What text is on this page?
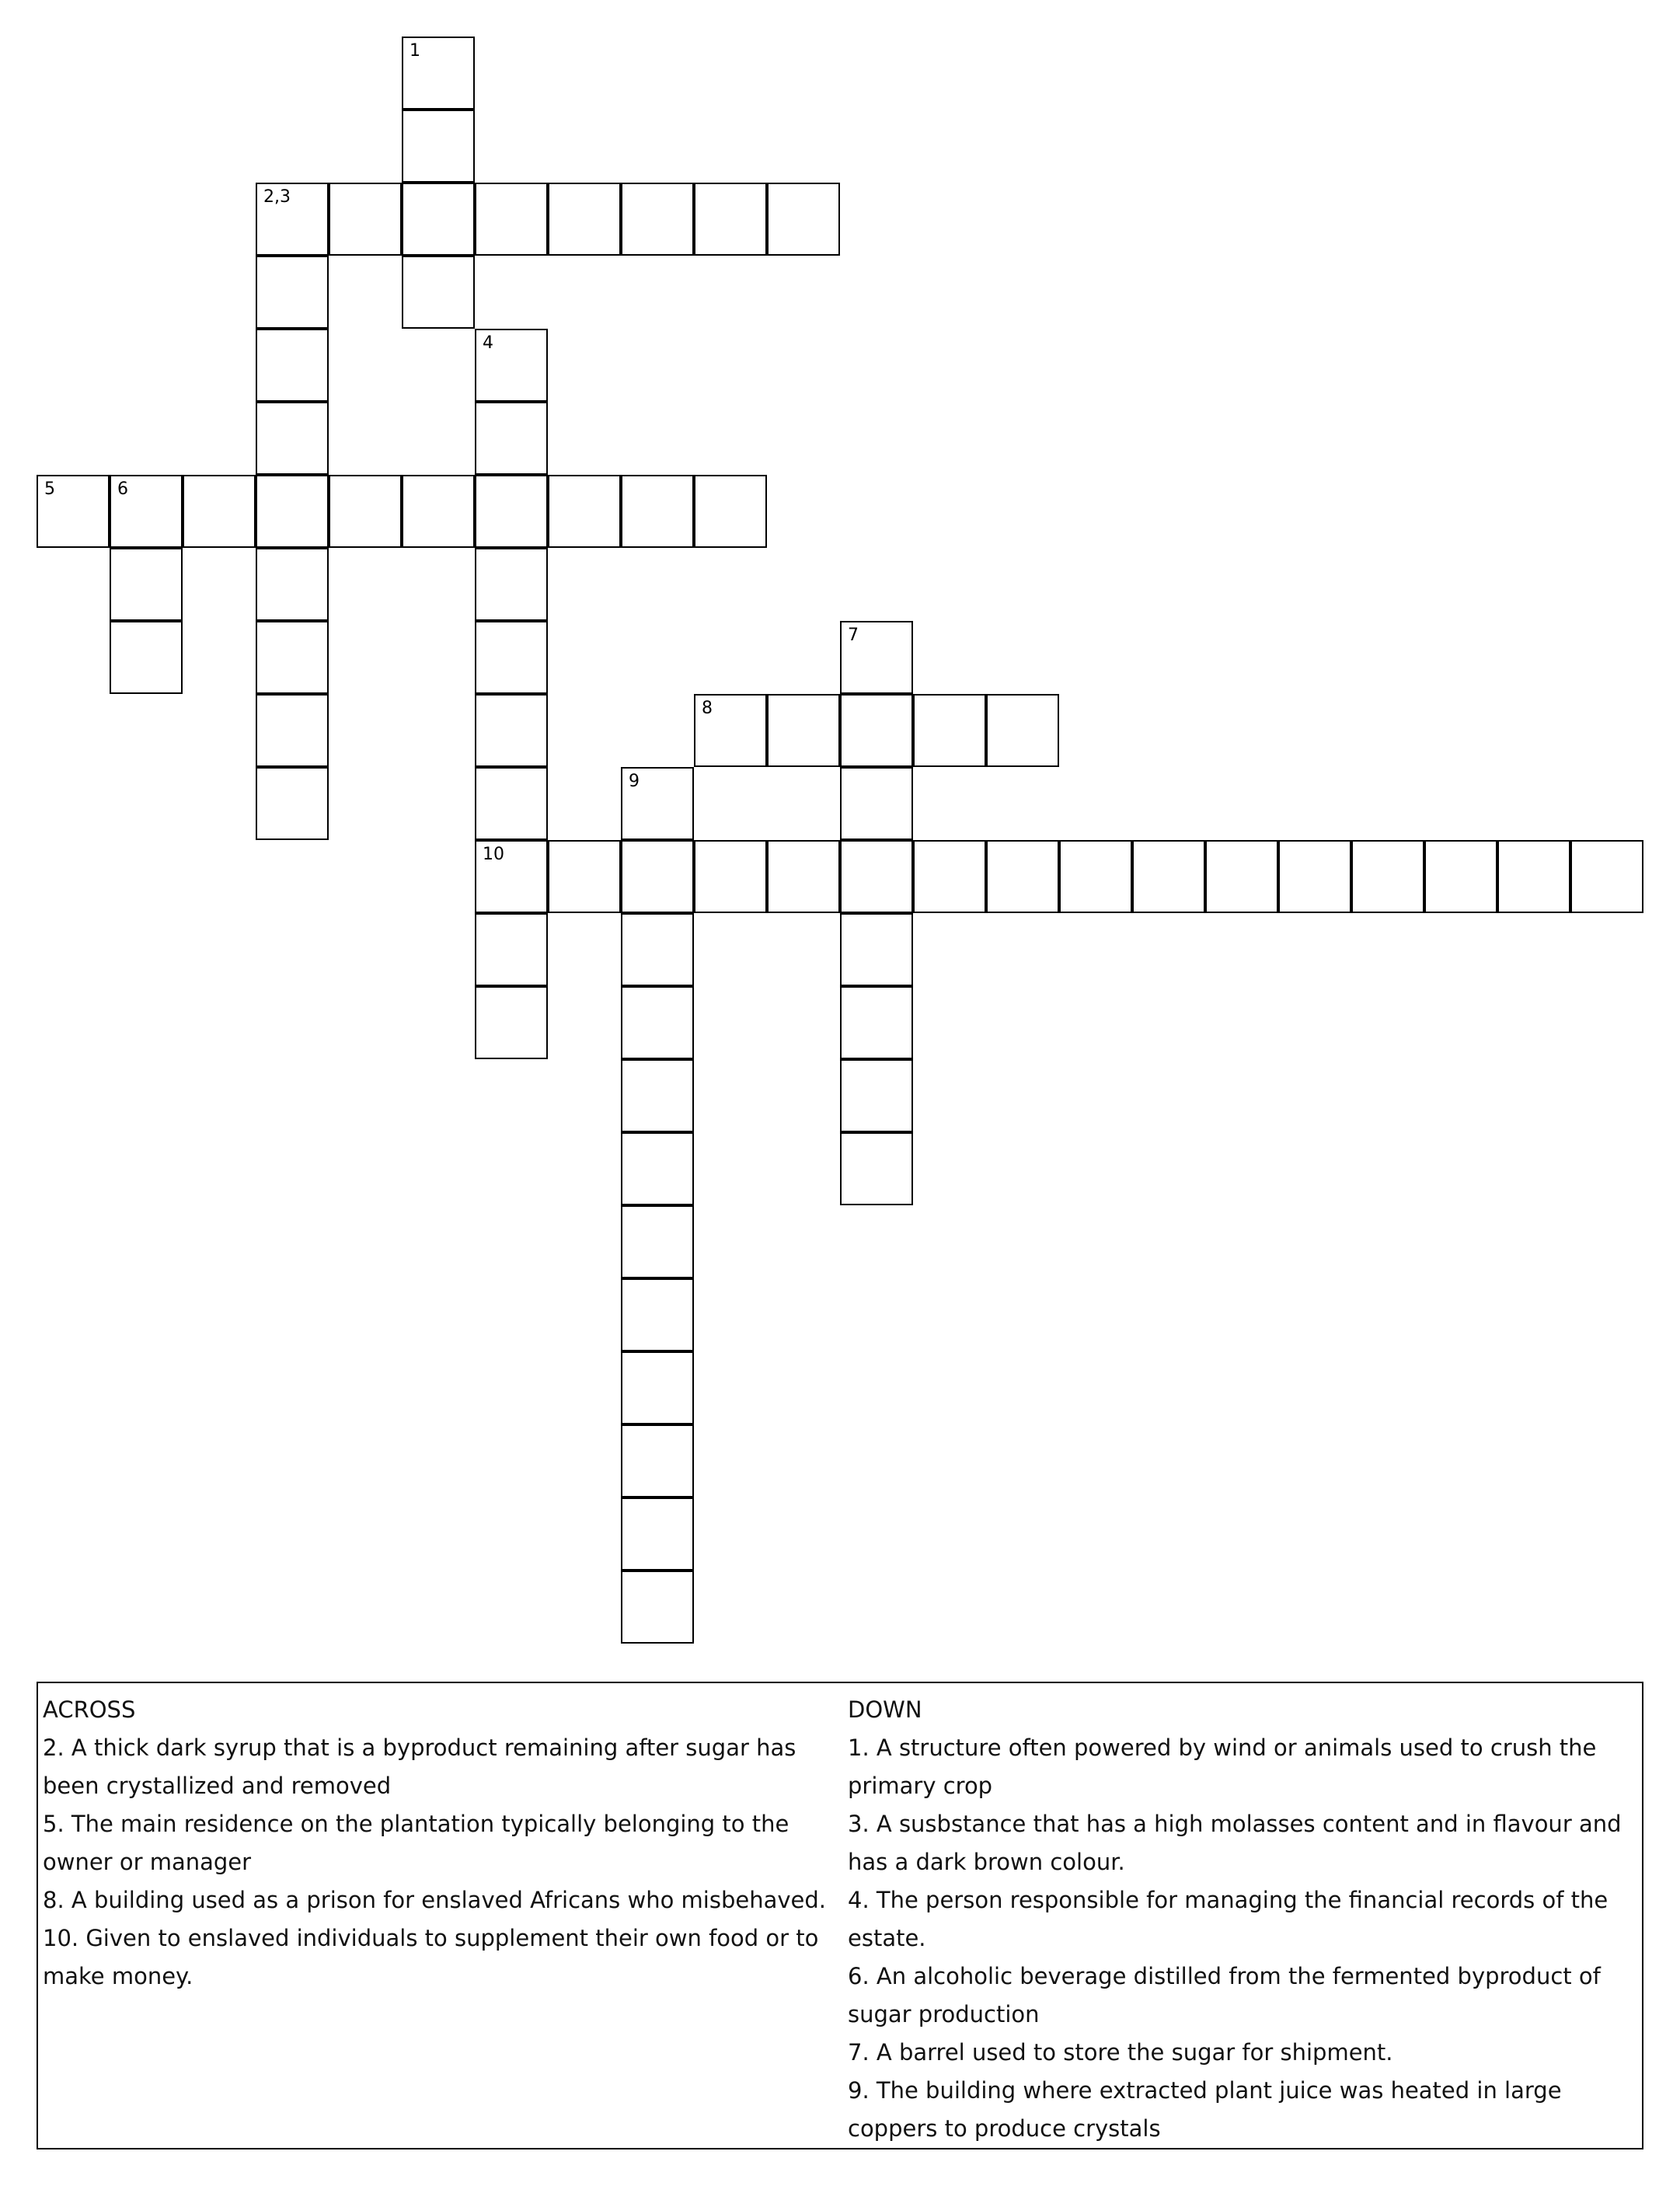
1
2,3
4
10
5	6
7
8
9
ACROSS
2. A thick dark syrup that is a byproduct remaining after sugar has been crystallized and removed
5. The main residence on the plantation typically belonging to the owner or manager
8. A building used as a prison for enslaved Africans who misbehaved.
10. Given to enslaved individuals to supplement their own food or to make money.
DOWN
1. A structure often powered by wind or animals used to crush the primary crop
3. A susbstance that has a high molasses content and in flavour and has a dark brown colour.
4. The person responsible for managing the financial records of the estate.
6. An alcoholic beverage distilled from the fermented byproduct of sugar production
7. A barrel used to store the sugar for shipment.
9. The building where extracted plant juice was heated in large coppers to produce crystals
